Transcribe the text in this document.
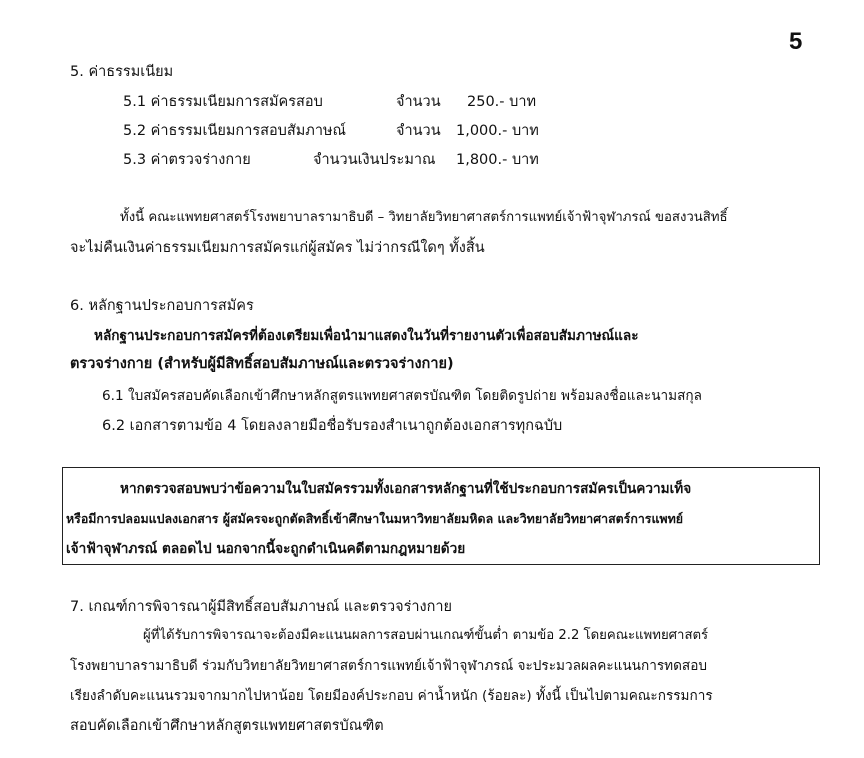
5
5. ค่าธรรมเนียม
5.1 ค่าธรรมเนียมการสมัครสอบ	จำนวน 250.- บาท
5.2 ค่าธรรมเนียมการสอบสัมภาษณ์	จำนวน 1,000.- บาท
5.3 ค่าตรวจร่างกาย	จำนวนเงินประมาณ 1,800.- บาท
ทั้งนี้ คณะแพทยศาสตร์โรงพยาบาลรามาธิบดี – วิทยาลัยวิทยาศาสตร์การแพทย์เจ้าฟ้าจุฬาภรณ์ ขอสงวนสิทธิ์
จะไม่คืนเงินค่าธรรมเนียมการสมัครแก่ผู้สมัคร ไม่ว่ากรณีใดๆ ทั้งสิ้น
6. หลักฐานประกอบการสมัคร
หลักฐานประกอบการสมัครที่ต้องเตรียมเพื่อนำมาแสดงในวันที่รายงานตัวเพื่อสอบสัมภาษณ์และ
ตรวจร่างกาย (สำหรับผู้มีสิทธิ์สอบสัมภาษณ์และตรวจร่างกาย)
6.1 ใบสมัครสอบคัดเลือกเข้าศึกษาหลักสูตรแพทยศาสตรบัณฑิต โดยติดรูปถ่าย พร้อมลงชื่อและนามสกุล
6.2 เอกสารตามข้อ 4 โดยลงลายมือชื่อรับรองสำเนาถูกต้องเอกสารทุกฉบับ
หากตรวจสอบพบว่าข้อความในใบสมัครรวมทั้งเอกสารหลักฐานที่ใช้ประกอบการสมัครเป็นความเท็จ
หรือมีการปลอมแปลงเอกสาร ผู้สมัครจะถูกตัดสิทธิ์เข้าศึกษาในมหาวิทยาลัยมหิดล และวิทยาลัยวิทยาศาสตร์การแพทย์
เจ้าฟ้าจุฬาภรณ์ ตลอดไป นอกจากนี้จะถูกดำเนินคดีตามกฎหมายด้วย
7. เกณฑ์การพิจารณาผู้มีสิทธิ์สอบสัมภาษณ์ และตรวจร่างกาย
ผู้ที่ได้รับการพิจารณาจะต้องมีคะแนนผลการสอบผ่านเกณฑ์ขั้นต่ำ ตามข้อ 2.2 โดยคณะแพทยศาสตร์
โรงพยาบาลรามาธิบดี ร่วมกับวิทยาลัยวิทยาศาสตร์การแพทย์เจ้าฟ้าจุฬาภรณ์ จะประมวลผลคะแนนการทดสอบ
เรียงลำดับคะแนนรวมจากมากไปหาน้อย โดยมีองค์ประกอบ ค่าน้ำหนัก (ร้อยละ) ทั้งนี้ เป็นไปตามคณะกรรมการ
สอบคัดเลือกเข้าศึกษาหลักสูตรแพทยศาสตรบัณฑิต
